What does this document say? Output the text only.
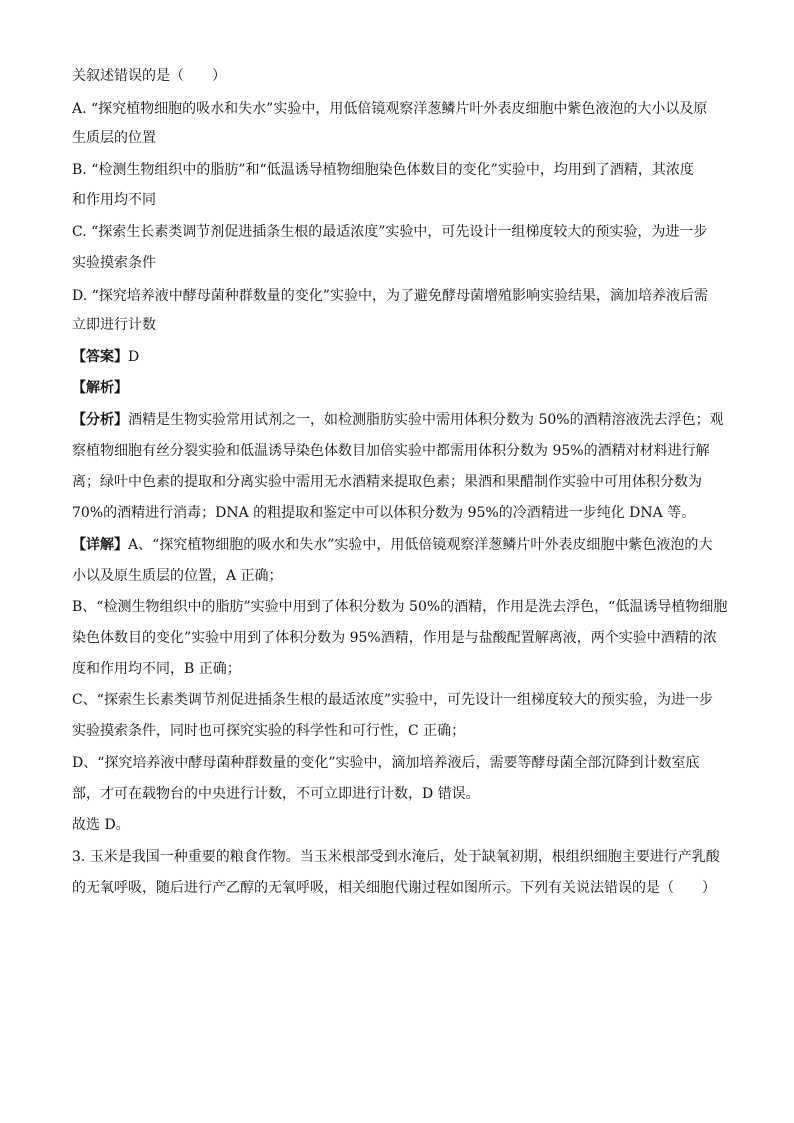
关叙述错误的是（　　）
A. “探究植物细胞的吸水和失水”实验中，用低倍镜观察洋葱鳞片叶外表皮细胞中紫色液泡的大小以及原
生质层的位置
B. “检测生物组织中的脂肪”和“低温诱导植物细胞染色体数目的变化”实验中，均用到了酒精，其浓度
和作用均不同
C. “探索生长素类调节剂促进插条生根的最适浓度”实验中，可先设计一组梯度较大的预实验，为进一步
实验摸索条件
D. “探究培养液中酵母菌种群数量的变化”实验中，为了避免酵母菌增殖影响实验结果，滴加培养液后需
立即进行计数
【答案】D
【解析】
【分析】酒精是生物实验常用试剂之一，如检测脂肪实验中需用体积分数为 50%的酒精溶液洗去浮色；观
察植物细胞有丝分裂实验和低温诱导染色体数目加倍实验中都需用体积分数为 95%的酒精对材料进行解
离；绿叶中色素的提取和分离实验中需用无水酒精来提取色素；果酒和果醋制作实验中可用体积分数为
70%的酒精进行消毒；DNA 的粗提取和鉴定中可以体积分数为 95%的冷酒精进一步纯化 DNA 等。
【详解】A、“探究植物细胞的吸水和失水”实验中，用低倍镜观察洋葱鳞片叶外表皮细胞中紫色液泡的大
小以及原生质层的位置，A 正确；
B、“检测生物组织中的脂肪”实验中用到了体积分数为 50%的酒精，作用是洗去浮色，“低温诱导植物细胞
染色体数目的变化”实验中用到了体积分数为 95%酒精，作用是与盐酸配置解离液，两个实验中酒精的浓
度和作用均不同，B 正确；
C、“探索生长素类调节剂促进插条生根的最适浓度”实验中，可先设计一组梯度较大的预实验，为进一步
实验摸索条件，同时也可探究实验的科学性和可行性，C 正确；
D、“探究培养液中酵母菌种群数量的变化”实验中，滴加培养液后，需要等酵母菌全部沉降到计数室底
部，才可在载物台的中央进行计数，不可立即进行计数，D 错误。
故选 D。
3. 玉米是我国一种重要的粮食作物。当玉米根部受到水淹后，处于缺氧初期，根组织细胞主要进行产乳酸
的无氧呼吸，随后进行产乙醇的无氧呼吸，相关细胞代谢过程如图所示。下列有关说法错误的是（　　）
